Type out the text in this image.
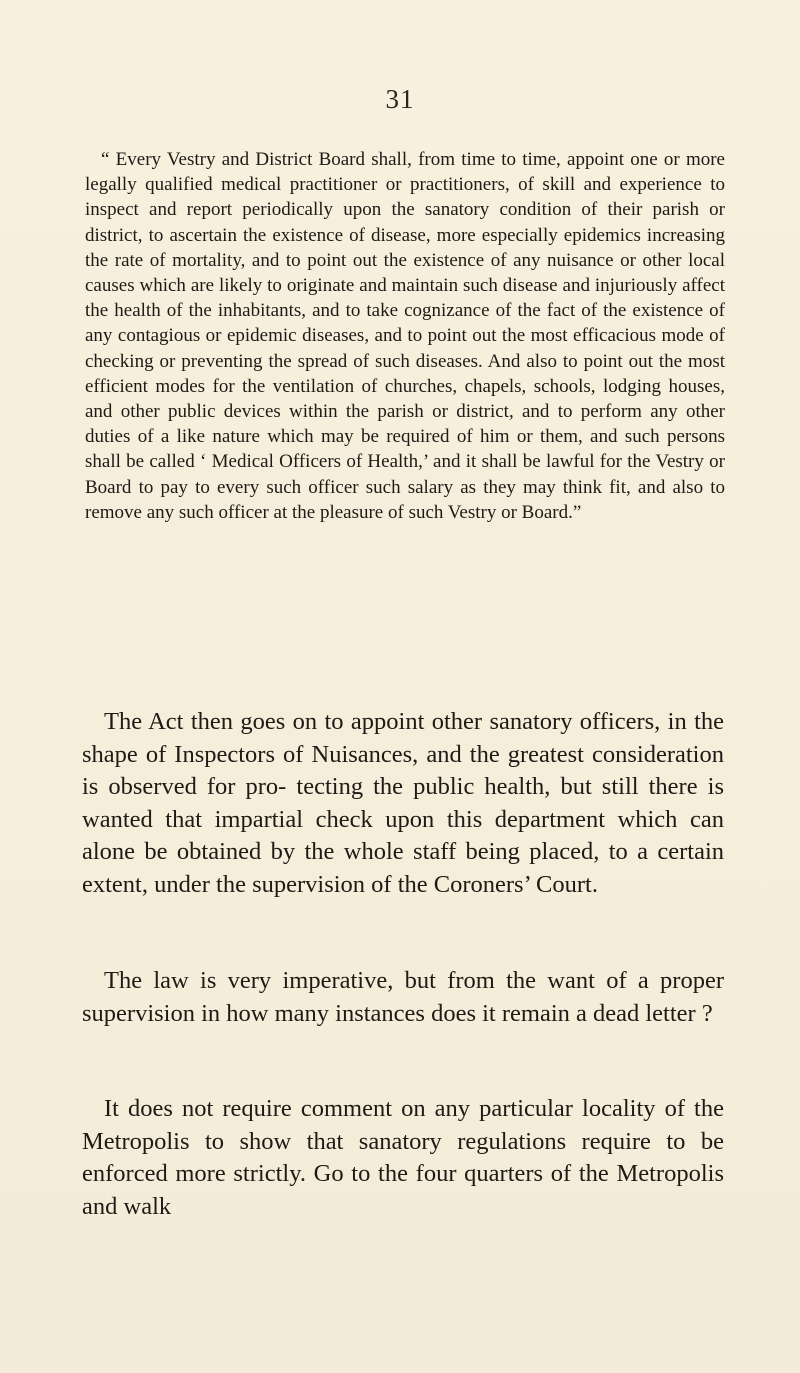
31

“ Every Vestry and District Board shall, from time to time, appoint one or more legally qualified medical practitioner or practitioners, of skill and experience to inspect and report periodically upon the sanatory condition of their parish or district, to ascertain the existence of disease, more especially epidemics increasing the rate of mortality, and to point out the existence of any nuisance or other local causes which are likely to originate and maintain such disease and injuriously affect the health of the inhabitants, and to take cognizance of the fact of the existence of any contagious or epidemic diseases, and to point out the most efficacious mode of checking or preventing the spread of such diseases. And also to point out the most efficient modes for the ventilation of churches, chapels, schools, lodging houses, and other public devices within the parish or district, and to perform any other duties of a like nature which may be required of him or them, and such persons shall be called ‘ Medical Officers of Health,’ and it shall be lawful for the Vestry or Board to pay to every such officer such salary as they may think fit, and also to remove any such officer at the pleasure of such Vestry or Board.”

The Act then goes on to appoint other sanatory officers, in the shape of Inspectors of Nuisances, and the greatest consideration is observed for pro- tecting the public health, but still there is wanted that impartial check upon this department which can alone be obtained by the whole staff being placed, to a certain extent, under the supervision of the Coroners’ Court.

The law is very imperative, but from the want of a proper supervision in how many instances does it remain a dead letter ?

It does not require comment on any particular locality of the Metropolis to show that sanatory regulations require to be enforced more strictly. Go to the four quarters of the Metropolis and walk
